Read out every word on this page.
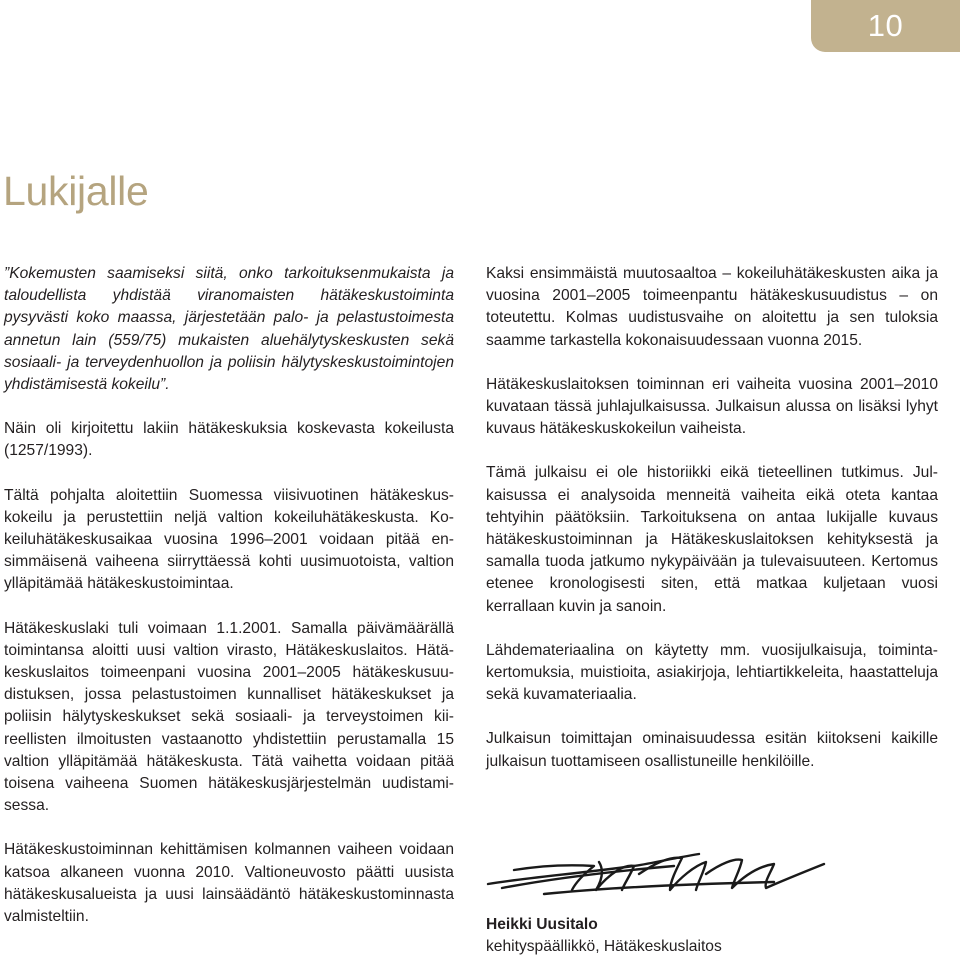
10
Lukijalle

”Kokemusten saamiseksi siitä, onko tarkoituksenmukaista ja taloudellista yhdistää viranomaisten hätäkeskustoiminta pysyvästi koko maassa, järjestetään palo- ja pelastustoimesta annetun lain (559/75) mukaisten aluehälytyskeskusten sekä sosiaali- ja terveydenhuollon ja poliisin hälytyskeskustoimintojen yhdistämisestä kokeilu”.

Näin oli kirjoitettu lakiin hätäkeskuksia koskevasta kokeilusta (1257/1993).

Tältä pohjalta aloitettiin Suomessa viisivuotinen hätäkeskuskokeilu ja perustettiin neljä valtion kokeiluhätäkeskusta. Kokeiluhätäkeskusaikaa vuosina 1996–2001 voidaan pitää ensimmäisenä vaiheena siirryttäessä kohti uusimuotoista, valtion ylläpitämää hätäkeskustoimintaa.

Hätäkeskuslaki tuli voimaan 1.1.2001. Samalla päivämäärällä toimintansa aloitti uusi valtion virasto, Hätäkeskuslaitos. Hätäkeskuslaitos toimeenpani vuosina 2001–2005 hätäkeskusuudistuksen, jossa pelastustoimen kunnalliset hätäkeskukset ja poliisin hälytyskeskukset sekä sosiaali- ja terveystoimen kiireellisten ilmoitusten vastaanotto yhdistettiin perustamalla 15 valtion ylläpitämää hätäkeskusta. Tätä vaihetta voidaan pitää toisena vaiheena Suomen hätäkeskusjärjestelmän uudistamisessa.

Hätäkeskustoiminnan kehittämisen kolmannen vaiheen voidaan katsoa alkaneen vuonna 2010. Valtioneuvosto päätti uusista hätäkeskusalueista ja uusi lainsäädäntö hätäkeskustominnasta valmisteltiin.

Kaksi ensimmäistä muutosaaltoa – kokeiluhätäkeskusten aika ja vuosina 2001–2005 toimeenpantu hätäkeskusuudistus – on toteutettu. Kolmas uudistusvaihe on aloitettu ja sen tuloksia saamme tarkastella kokonaisuudessaan vuonna 2015.

Hätäkeskuslaitoksen toiminnan eri vaiheita vuosina 2001–2010 kuvataan tässä juhlajulkaisussa. Julkaisun alussa on lisäksi lyhyt kuvaus hätäkeskuskokeilun vaiheista.

Tämä julkaisu ei ole historiikki eikä tieteellinen tutkimus. Julkaisussa ei analysoida menneitä vaiheita eikä oteta kantaa tehtyihin päätöksiin. Tarkoituksena on antaa lukijalle kuvaus hätäkeskustoiminnan ja Hätäkeskuslaitoksen kehityksestä ja samalla tuoda jatkumo nykypäivään ja tulevaisuuteen. Kertomus etenee kronologisesti siten, että matkaa kuljetaan vuosi kerrallaan kuvin ja sanoin.

Lähdemateriaalina on käytetty mm. vuosijulkaisuja, toimintakertomuksia, muistioita, asiakirjoja, lehtiartikkeleita, haastatteluja sekä kuvamateriaalia.

Julkaisun toimittajan ominaisuudessa esitän kiitokseni kaikille julkaisun tuottamiseen osallistuneille henkilöille.

Heikki Uusitalo
kehityspäällikkö, Hätäkeskuslaitos
